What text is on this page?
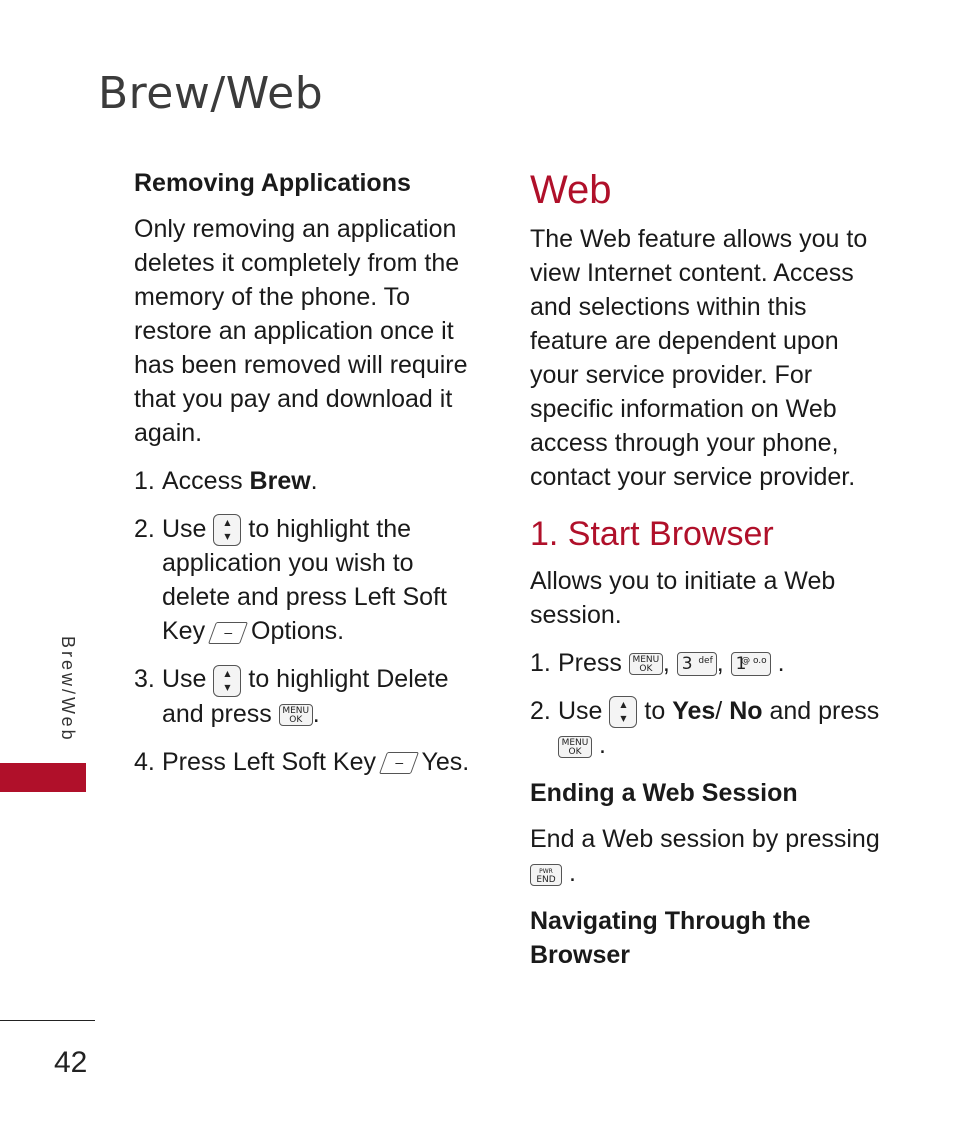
Brew/Web
Brew/Web
42
Removing Applications

Only removing an application deletes it completely from the memory of the phone. To restore an application once it has been removed will require that you pay and download it again.

1. Access Brew.
2. Use	▲
▼ to highlight the application you wish to delete and press Left Soft Key – Options.
3. Use	▲
▼ to highlight Delete and press MENU
OK .
4. Press Left Soft Key – Yes.
Web

The Web feature allows you to view Internet content. Access and selections within this feature are dependent upon your service provider. For specific information on Web access through your phone, contact your service provider.

1. Start Browser

Allows you to initiate a Web session.

1. Press MENU
OK , 3 def , 1
@ o.o .
2. Use	▲
▼ to Yes/ No and press
MENU
OK .
Ending a Web Session

End a Web session by pressing
PWR
END .

Navigating Through the Browser
